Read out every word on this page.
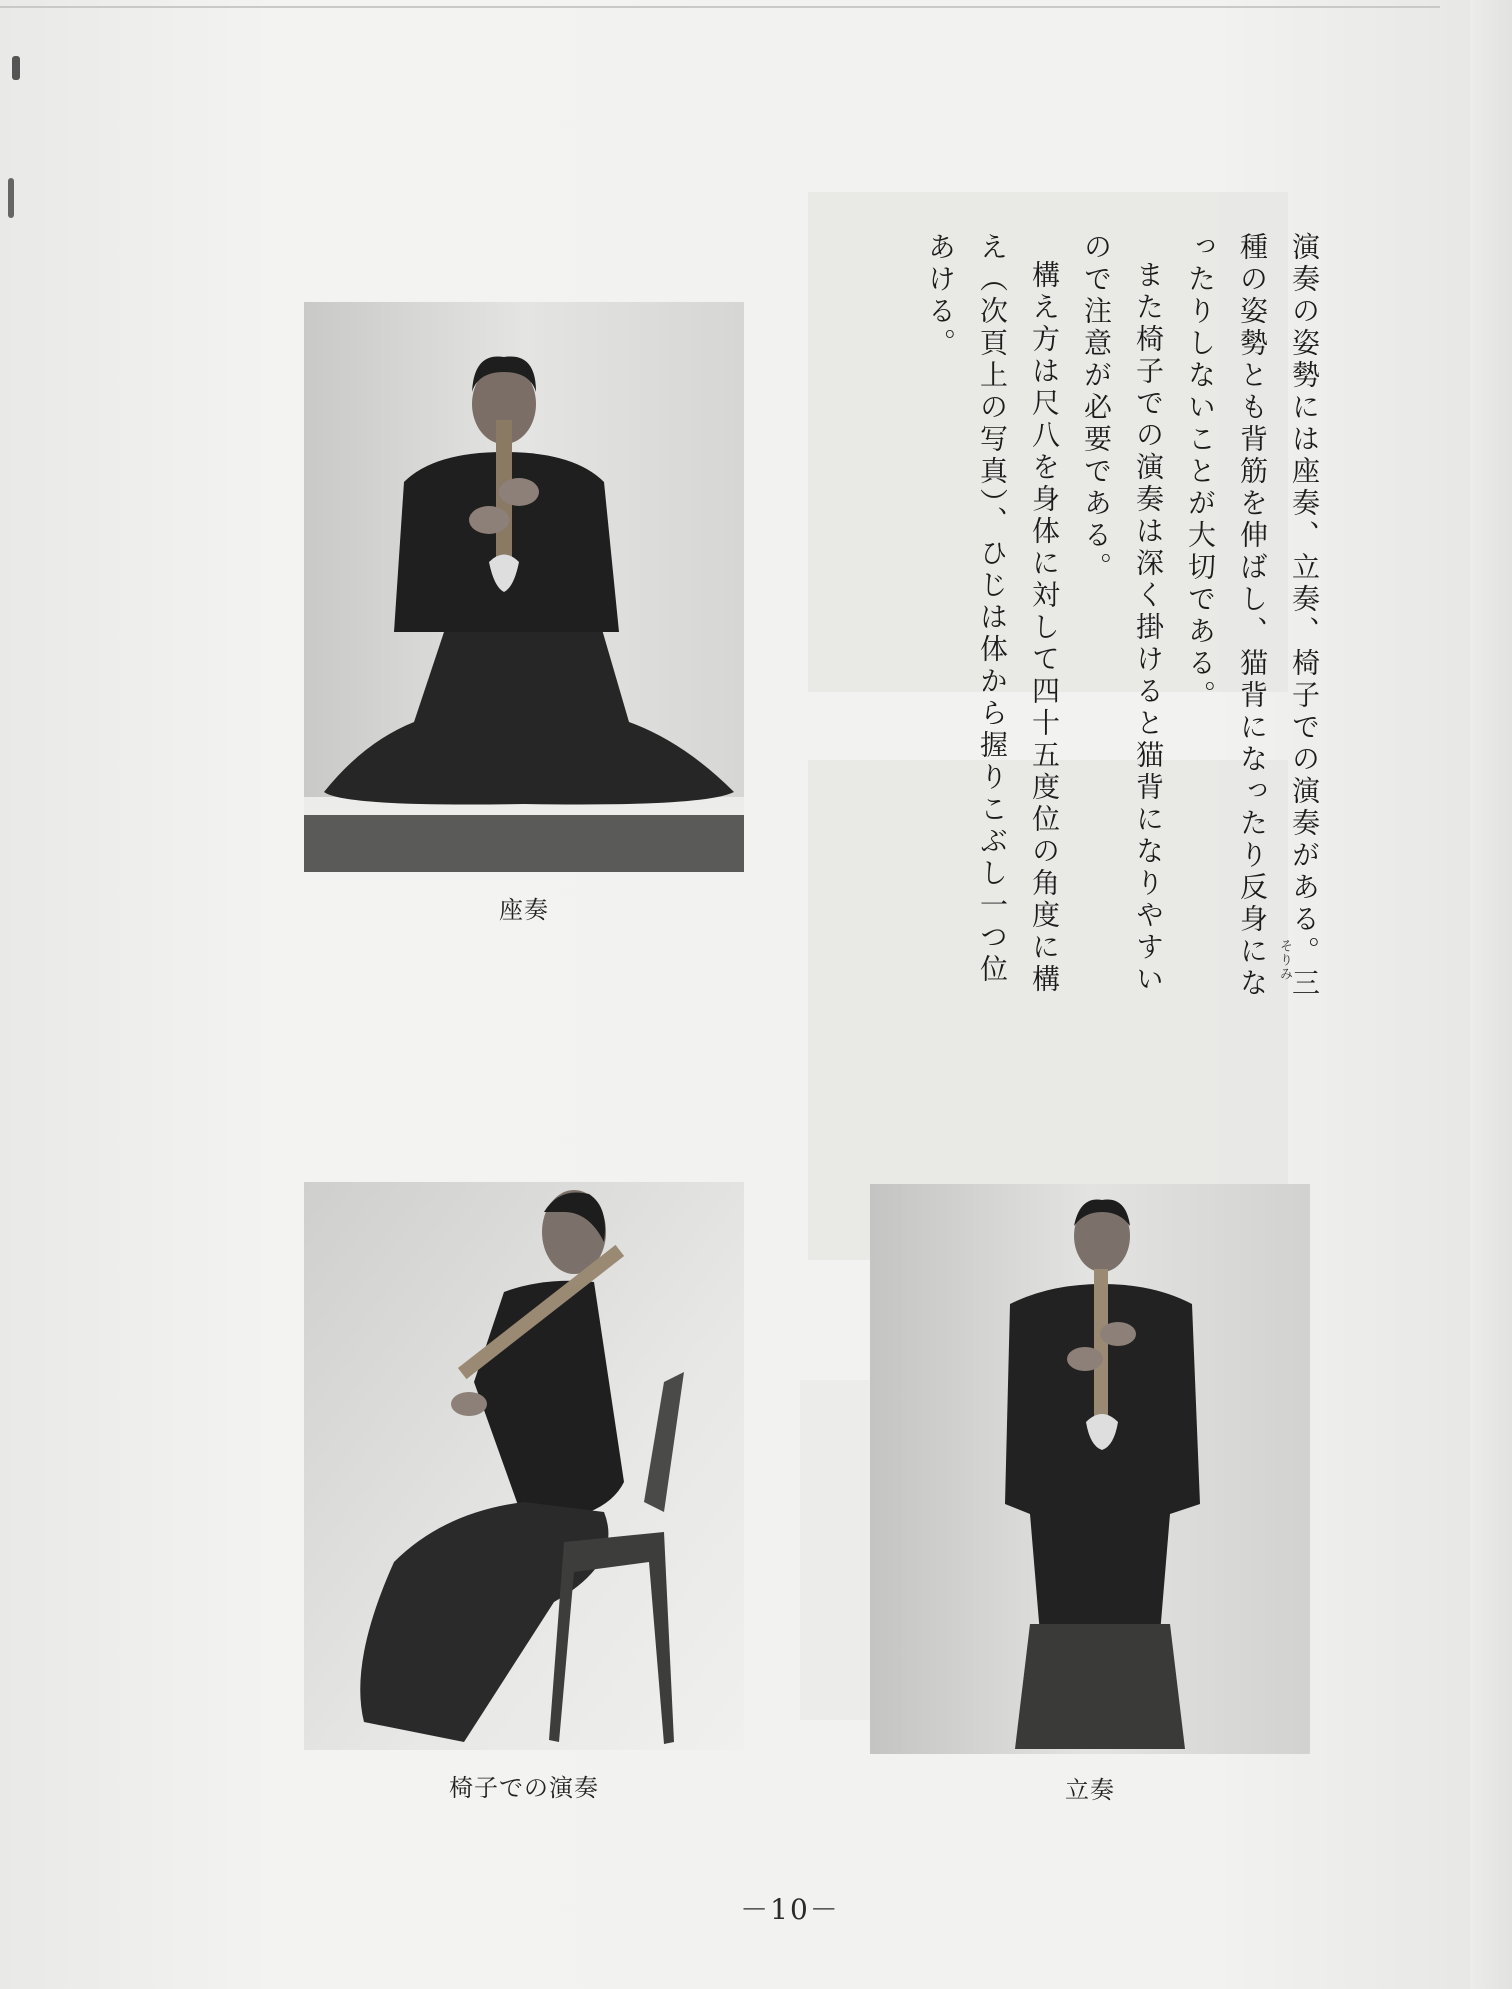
演奏の姿勢には座奏、立奏、椅子での演奏がある。三種の姿勢とも背筋を伸ばし、猫背になったり反身になったりしないことが大切である。

また椅子での演奏は深く掛けると猫背になりやすいので注意が必要である。

構え方は尺八を身体に対して四十五度位の角度に構え（次頁上の写真）、ひじは体から握りこぶし一つ位あける。

そりみ
座奏
椅子での演奏	立奏
－10－
